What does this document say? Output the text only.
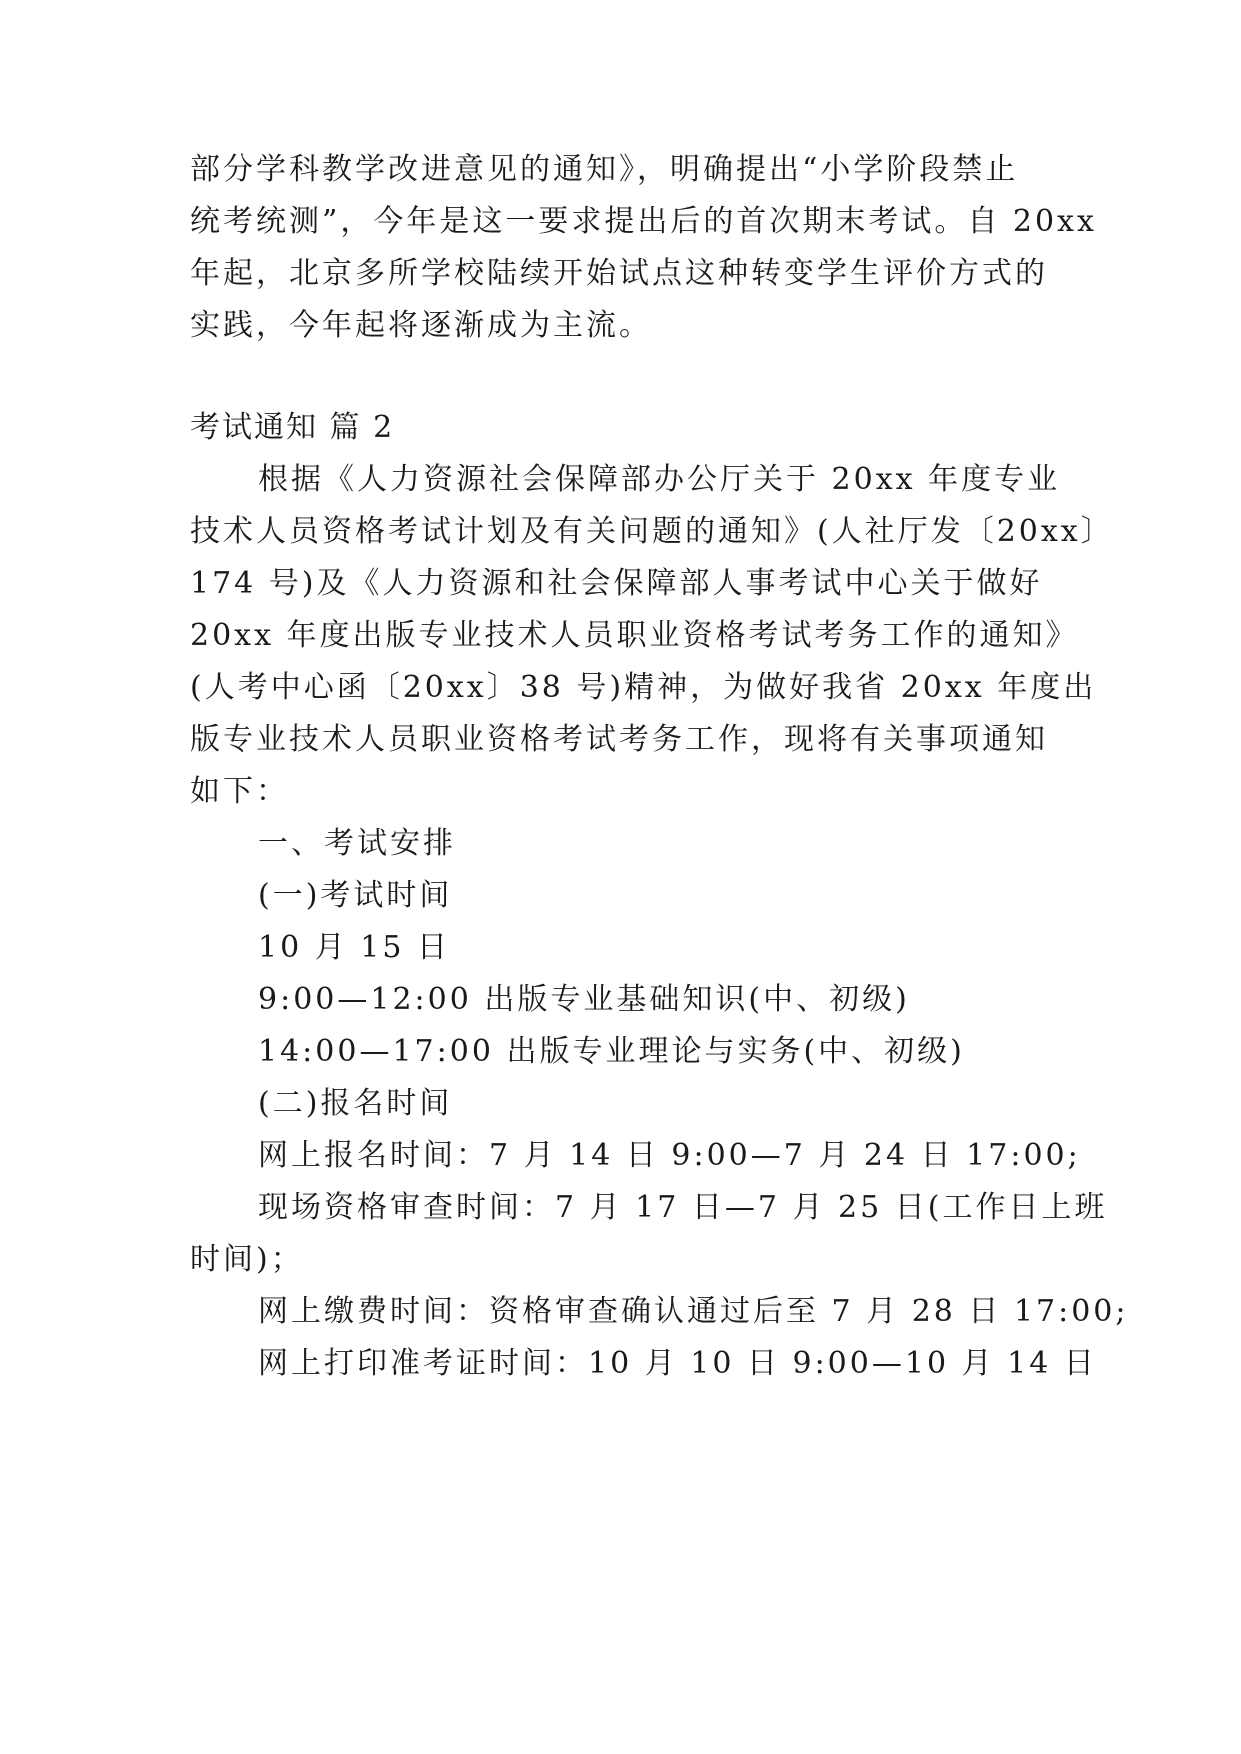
部分学科教学改进意见的通知》，明确提出“小学阶段禁止
统考统测”，今年是这一要求提出后的首次期末考试。自 20xx
年起，北京多所学校陆续开始试点这种转变学生评价方式的
实践，今年起将逐渐成为主流。
考试通知 篇 2
根据《人力资源社会保障部办公厅关于 20xx 年度专业
技术人员资格考试计划及有关问题的通知》(人社厅发〔20xx〕
174 号)及《人力资源和社会保障部人事考试中心关于做好
20xx 年度出版专业技术人员职业资格考试考务工作的通知》
(人考中心函〔20xx〕38 号)精神，为做好我省 20xx 年度出
版专业技术人员职业资格考试考务工作，现将有关事项通知
如下：
一、考试安排
(一)考试时间
10 月 15 日
9:00—12:00 出版专业基础知识(中、初级)
14:00—17:00 出版专业理论与实务(中、初级)
(二)报名时间
网上报名时间：7 月 14 日 9:00—7 月 24 日 17:00;
现场资格审查时间：7 月 17 日—7 月 25 日(工作日上班
时间)；
网上缴费时间：资格审查确认通过后至 7 月 28 日 17:00;
网上打印准考证时间：10 月 10 日 9:00—10 月 14 日
